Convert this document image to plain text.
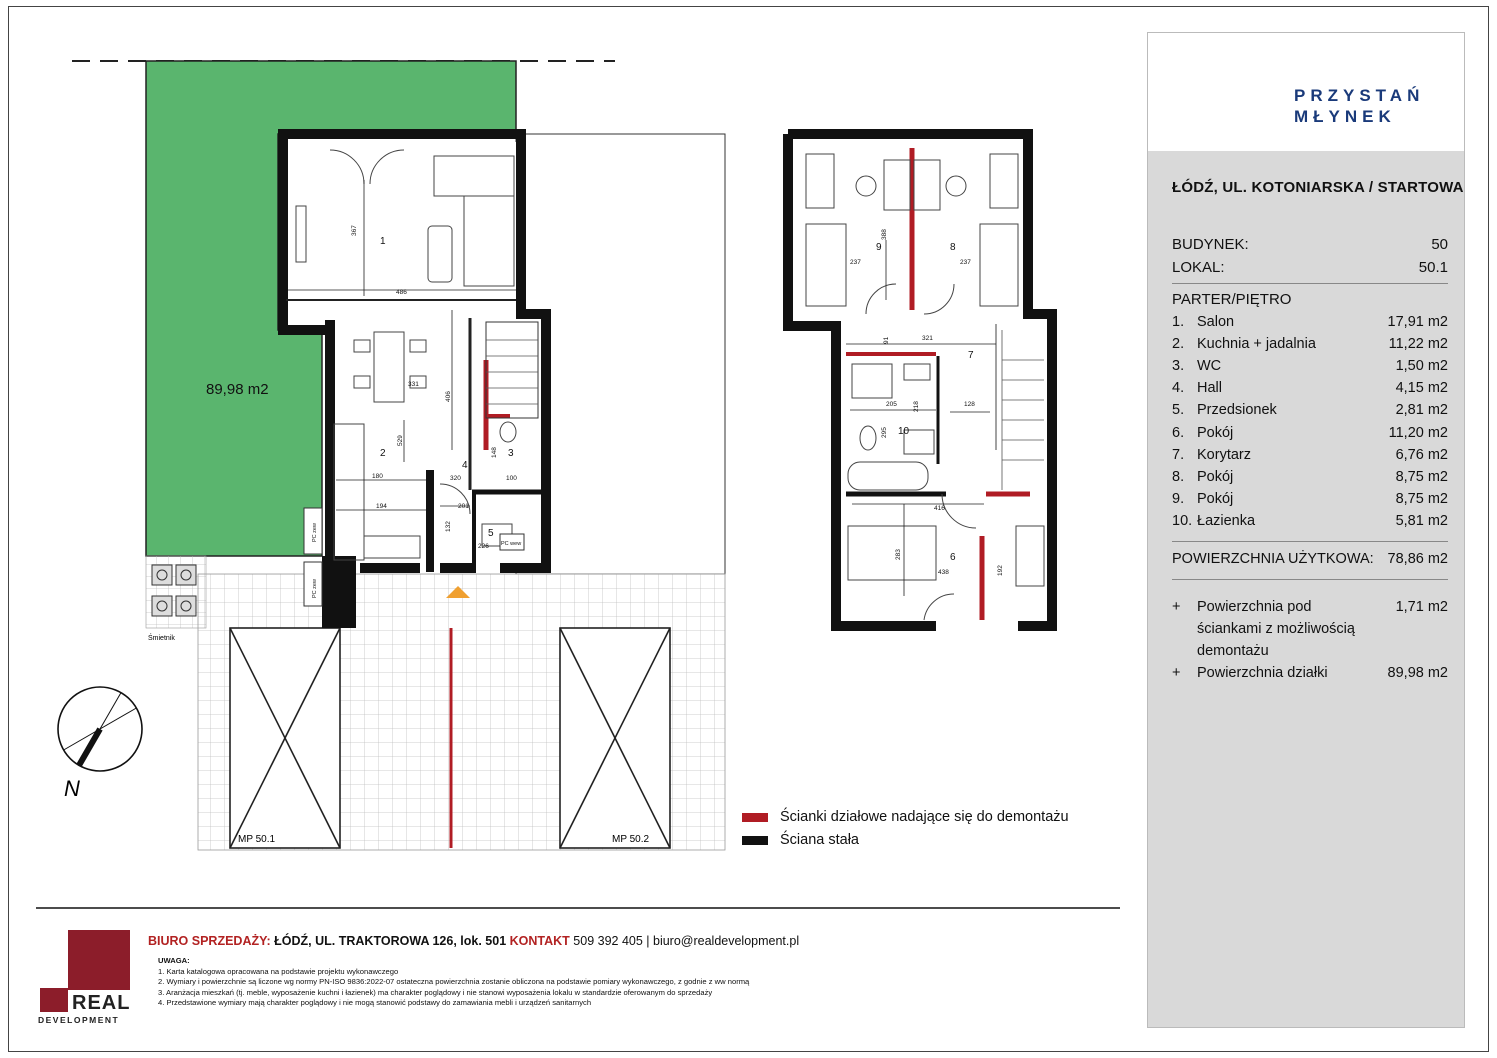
89,98 m2
Śmietnik
MP 50.1	MP 50.2
1
2	3
4
5
367
486
331
406
529
180
194
320
201
100
132
226
148
PC zew
PC zew
PC wew
9	8
7
10
6
388
237	237
91	321
205 218	128
295
416
283
438	192
N
PRZYSTAŃ
MŁYNEK
ŁÓDŹ, UL. KOTONIARSKA / STARTOWA
BUDYNEK:	50
LOKAL:	50.1
PARTER/PIĘTRO
1. Salon	17,91 m2
2. Kuchnia + jadalnia	11,22 m2
3. WC	1,50 m2
4. Hall	4,15 m2
5. Przedsionek	2,81 m2
6. Pokój	11,20 m2
7. Korytarz	6,76 m2
8. Pokój	8,75 m2
9. Pokój	8,75 m2
10. Łazienka	5,81 m2
POWIERZCHNIA UŻYTKOWA: 78,86 m2
+ Powierzchnia pod ściankami z możliwością demontażu
1,71 m2
+ Powierzchnia działki	89,98 m2
Ścianki działowe nadające się do demontażu
Ściana stała
BIURO SPRZEDAŻY: ŁÓDŹ, UL. TRAKTOROWA 126, lok. 501 KONTAKT 509 392 405 | biuro@realdevelopment.pl
UWAGA:
1. Karta katalogowa opracowana na podstawie projektu wykonawczego
2. Wymiary i powierzchnie są liczone wg normy PN-ISO 9836:2022-07 ostateczna powierzchnia zostanie obliczona na podstawie pomiary wykonawczego, z godnie z ww normą
3. Aranżacja mieszkań (tj. meble, wyposażenie kuchni i łazienek) ma charakter poglądowy i nie stanowi wyposażenia lokalu w standardzie oferowanym do sprzedaży
4. Przedstawione wymiary mają charakter poglądowy i nie mogą stanowić podstawy do zamawiania mebli i urządzeń sanitarnych
REAL
DEVELOPMENT
